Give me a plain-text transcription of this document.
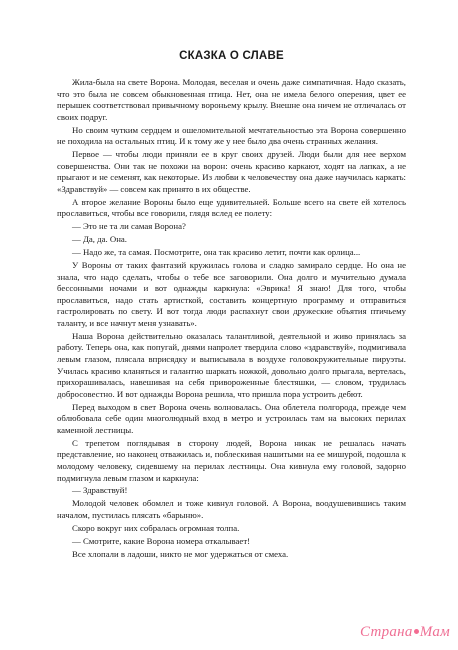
СКАЗКА О СЛАВЕ

Жила-была на свете Ворона. Молодая, веселая и очень даже симпатичная. Надо сказать, что это была не совсем обыкновенная птица. Нет, она не имела белого оперения, цвет ее перышек соответствовал привычному вороньему крылу. Внешне она ничем не отличалась от своих подруг.

Но своим чутким сердцем и ошеломительной мечтательностью эта Ворона совершенно не походила на остальных птиц. И к тому же у нее было два очень странных желания.

Первое — чтобы люди приняли ее в круг своих друзей. Люди были для нее верхом совершенства. Они так не похожи на ворон: очень красиво каркают, ходят на лапках, а не прыгают и не семенят, как некоторые. Из любви к человечеству она даже научилась каркать: «Здравствуй» — совсем как принято в их обществе.

А второе желание Вороны было еще удивительней. Больше всего на свете ей хотелось прославиться, чтобы все говорили, глядя вслед ее полету:

— Это не та ли самая Ворона?

— Да, да. Она.

— Надо же, та самая. Посмотрите, она так красиво летит, почти как орлица...

У Вороны от таких фантазий кружилась голова и сладко замирало сердце. Но она не знала, что надо сделать, чтобы о тебе все заговорили. Она долго и мучительно думала бессонными ночами и вот однажды каркнула: «Эврика! Я знаю! Для того, чтобы прославиться, надо стать артисткой, составить концертную программу и отправиться гастролировать по свету. И вот тогда люди распахнут свои дружеские объятия птичьему таланту, и все начнут меня узнавать».

Наша Ворона действительно оказалась талантливой, деятельной и живо принялась за работу. Теперь она, как попугай, днями напролет твердила слово «здравствуй», подмигивала левым глазом, плясала вприсядку и выписывала в воздухе головокружительные пируэты. Училась красиво кланяться и галантно шаркать ножкой, довольно долго прыгала, вертелась, прихорашивалась, навешивая на себя привороженные блестяшки, — словом, трудилась добросовестно. И вот однажды Ворона решила, что пришла пора устроить дебют.

Перед выходом в свет Ворона очень волновалась. Она облетела полгорода, прежде чем облюбовала себе один многолюдный вход в метро и устроилась там на высоких перилах каменной лестницы.

С трепетом поглядывая в сторону людей, Ворона никак не решалась начать представление, но наконец отважилась и, поблескивая нашитыми на ее мишурой, подошла к молодому человеку, сидевшему на перилах лестницы. Она кивнула ему головой, задорно подмигнула левым глазом и каркнула:

— Здравствуй!

Молодой человек обомлел и тоже кивнул головой. А Ворона, воодушевившись таким началом, пустилась плясать «барыню».

Скоро вокруг них собралась огромная толпа.

— Смотрите, какие Ворона номера откалывает!

Все хлопали в ладоши, никто не мог удержаться от смеха.

Страна Мам
